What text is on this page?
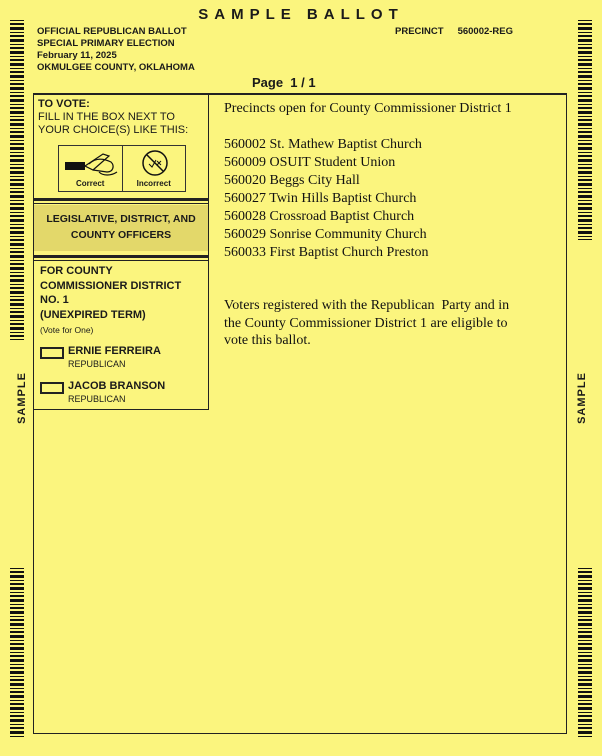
SAMPLE BALLOT
OFFICIAL REPUBLICAN BALLOT
SPECIAL PRIMARY ELECTION
February 11, 2025
OKMULGEE COUNTY, OKLAHOMA
PRECINCT 560002-REG
Page  1 / 1
TO VOTE:
FILL IN THE BOX NEXT TO
YOUR CHOICE(S) LIKE THIS:
Correct	Incorrect
LEGISLATIVE, DISTRICT, AND
COUNTY OFFICERS
FOR COUNTY
COMMISSIONER DISTRICT
NO. 1
(UNEXPIRED TERM)
(Vote for One)
ERNIE FERREIRA
REPUBLICAN
JACOB BRANSON
REPUBLICAN
Precincts open for County Commissioner District 1
560002 St. Mathew Baptist Church
560009 OSUIT Student Union
560020 Beggs City Hall
560027 Twin Hills Baptist Church
560028 Crossroad Baptist Church
560029 Sonrise Community Church
560033 First Baptist Church Preston
Voters registered with the Republican  Party and in
the County Commissioner District 1 are eligible to
vote this ballot.
SAMPLE	SAMPLE
